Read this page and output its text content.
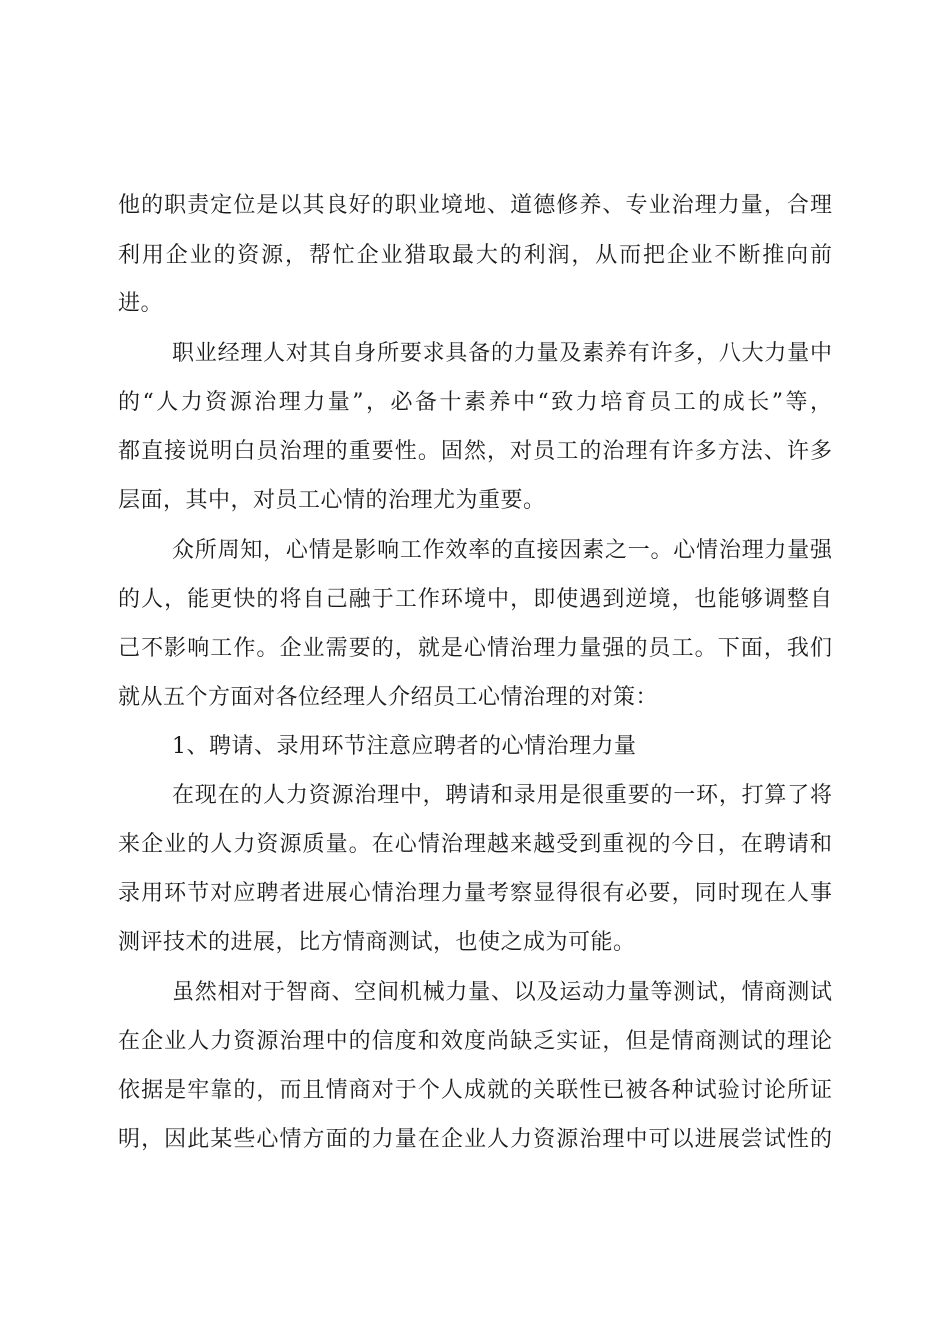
他的职责定位是以其良好的职业境地、道德修养、专业治理力量，合理

利用企业的资源，帮忙企业猎取最大的利润，从而把企业不断推向前

进。

职业经理人对其自身所要求具备的力量及素养有许多，八大力量中

的“人力资源治理力量”，必备十素养中“致力培育员工的成长”等，

都直接说明白员治理的重要性。固然，对员工的治理有许多方法、许多

层面，其中，对员工心情的治理尤为重要。

众所周知，心情是影响工作效率的直接因素之一。心情治理力量强

的人，能更快的将自己融于工作环境中，即使遇到逆境，也能够调整自

己不影响工作。企业需要的，就是心情治理力量强的员工。下面，我们

就从五个方面对各位经理人介绍员工心情治理的对策：

1、聘请、录用环节注意应聘者的心情治理力量

在现在的人力资源治理中，聘请和录用是很重要的一环，打算了将

来企业的人力资源质量。在心情治理越来越受到重视的今日，在聘请和

录用环节对应聘者进展心情治理力量考察显得很有必要，同时现在人事

测评技术的进展，比方情商测试，也使之成为可能。

虽然相对于智商、空间机械力量、以及运动力量等测试，情商测试

在企业人力资源治理中的信度和效度尚缺乏实证，但是情商测试的理论

依据是牢靠的，而且情商对于个人成就的关联性已被各种试验讨论所证

明，因此某些心情方面的力量在企业人力资源治理中可以进展尝试性的
